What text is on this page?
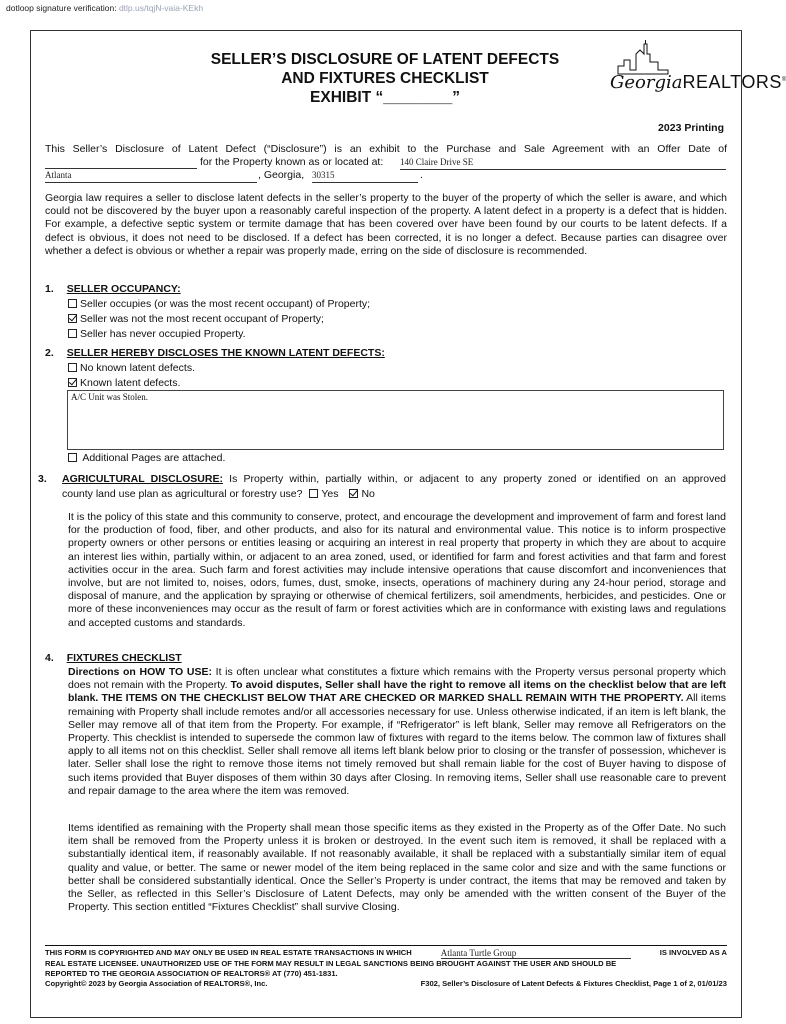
dotloop signature verification: dtlp.us/tqjN-vaia-KEkh
SELLER’S DISCLOSURE OF LATENT DEFECTS
AND FIXTURES CHECKLIST
EXHIBIT “________”
GeorgiaREALTORS®
2023 Printing
This Seller’s Disclosure of Latent Defect (“Disclosure”) is an exhibit to the Purchase and Sale Agreement with an Offer Date of
for the Property known as or located at: 140 Claire Drive SE
Atlanta	, Georgia, 30315	.
Georgia law requires a seller to disclose latent defects in the seller’s property to the buyer of the property of which the seller is aware, and which could not be discovered by the buyer upon a reasonably careful inspection of the property. A latent defect in a property is a defect that is hidden. For example, a defective septic system or termite damage that has been covered over have been found by our courts to be latent defects. If a defect is obvious, it does not need to be disclosed. If a defect has been corrected, it is no longer a defect. Because parties can disagree over whether a defect is obvious or whether a repair was properly made, erring on the side of disclosure is recommended.
1. SELLER OCCUPANCY:
Seller occupies (or was the most recent occupant) of Property;
Seller was not the most recent occupant of Property;
Seller has never occupied Property.
2. SELLER HEREBY DISCLOSES THE KNOWN LATENT DEFECTS:
No known latent defects.
Known latent defects.
A/C Unit was Stolen.
Additional Pages are attached.
3.	AGRICULTURAL DISCLOSURE: Is Property within, partially within, or adjacent to any property zoned or identified on an approved
county land use plan as agricultural or forestry use? Yes No
It is the policy of this state and this community to conserve, protect, and encourage the development and improvement of farm and forest land for the production of food, fiber, and other products, and also for its natural and environmental value. This notice is to inform prospective property owners or other persons or entities leasing or acquiring an interest in real property that property in which they are about to acquire an interest lies within, partially within, or adjacent to an area zoned, used, or identified for farm and forest activities and that farm and forest activities occur in the area. Such farm and forest activities may include intensive operations that cause discomfort and inconveniences that involve, but are not limited to, noises, odors, fumes, dust, smoke, insects, operations of machinery during any 24-hour period, storage and disposal of manure, and the application by spraying or otherwise of chemical fertilizers, soil amendments, herbicides, and pesticides. One or more of these inconveniences may occur as the result of farm or forest activities which are in conformance with existing laws and regulations and accepted customs and standards.
4. FIXTURES CHECKLIST
Directions on HOW TO USE: It is often unclear what constitutes a fixture which remains with the Property versus personal property which does not remain with the Property. To avoid disputes, Seller shall have the right to remove all items on the checklist below that are left blank. THE ITEMS ON THE CHECKLIST BELOW THAT ARE CHECKED OR MARKED SHALL REMAIN WITH THE PROPERTY. All items remaining with Property shall include remotes and/or all accessories necessary for use. Unless otherwise indicated, if an item is left blank, the Seller may remove all of that item from the Property. For example, if “Refrigerator” is left blank, Seller may remove all Refrigerators on the Property. This checklist is intended to supersede the common law of fixtures with regard to the items below. The common law of fixtures shall apply to all items not on this checklist. Seller shall remove all items left blank below prior to closing or the transfer of possession, whichever is later. Seller shall lose the right to remove those items not timely removed but shall remain liable for the cost of Buyer having to dispose of such items provided that Buyer disposes of them within 30 days after Closing. In removing items, Seller shall use reasonable care to prevent and repair damage to the area where the item was removed.
Items identified as remaining with the Property shall mean those specific items as they existed in the Property as of the Offer Date. No such item shall be removed from the Property unless it is broken or destroyed. In the event such item is removed, it shall be replaced with a substantially identical item, if reasonably available. If not reasonably available, it shall be replaced with a substantially similar item of equal quality and value, or better. The same or newer model of the item being replaced in the same color and size and with the same functions or better shall be considered substantially identical. Once the Seller’s Property is under contract, the items that may be removed and taken by the Seller, as reflected in this Seller’s Disclosure of Latent Defects, may only be amended with the written consent of the Buyer of the Property. This section entitled “Fixtures Checklist” shall survive Closing.
THIS FORM IS COPYRIGHTED AND MAY ONLY BE USED IN REAL ESTATE TRANSACTIONS IN WHICH	Atlanta Turtle Group	IS INVOLVED AS A
REAL ESTATE LICENSEE. UNAUTHORIZED USE OF THE FORM MAY RESULT IN LEGAL SANCTIONS BEING BROUGHT AGAINST THE USER AND SHOULD BE
REPORTED TO THE GEORGIA ASSOCIATION OF REALTORS® AT (770) 451-1831.
Copyright© 2023 by Georgia Association of REALTORS®, Inc.	F302, Seller’s Disclosure of Latent Defects & Fixtures Checklist, Page 1 of 2, 01/01/23
